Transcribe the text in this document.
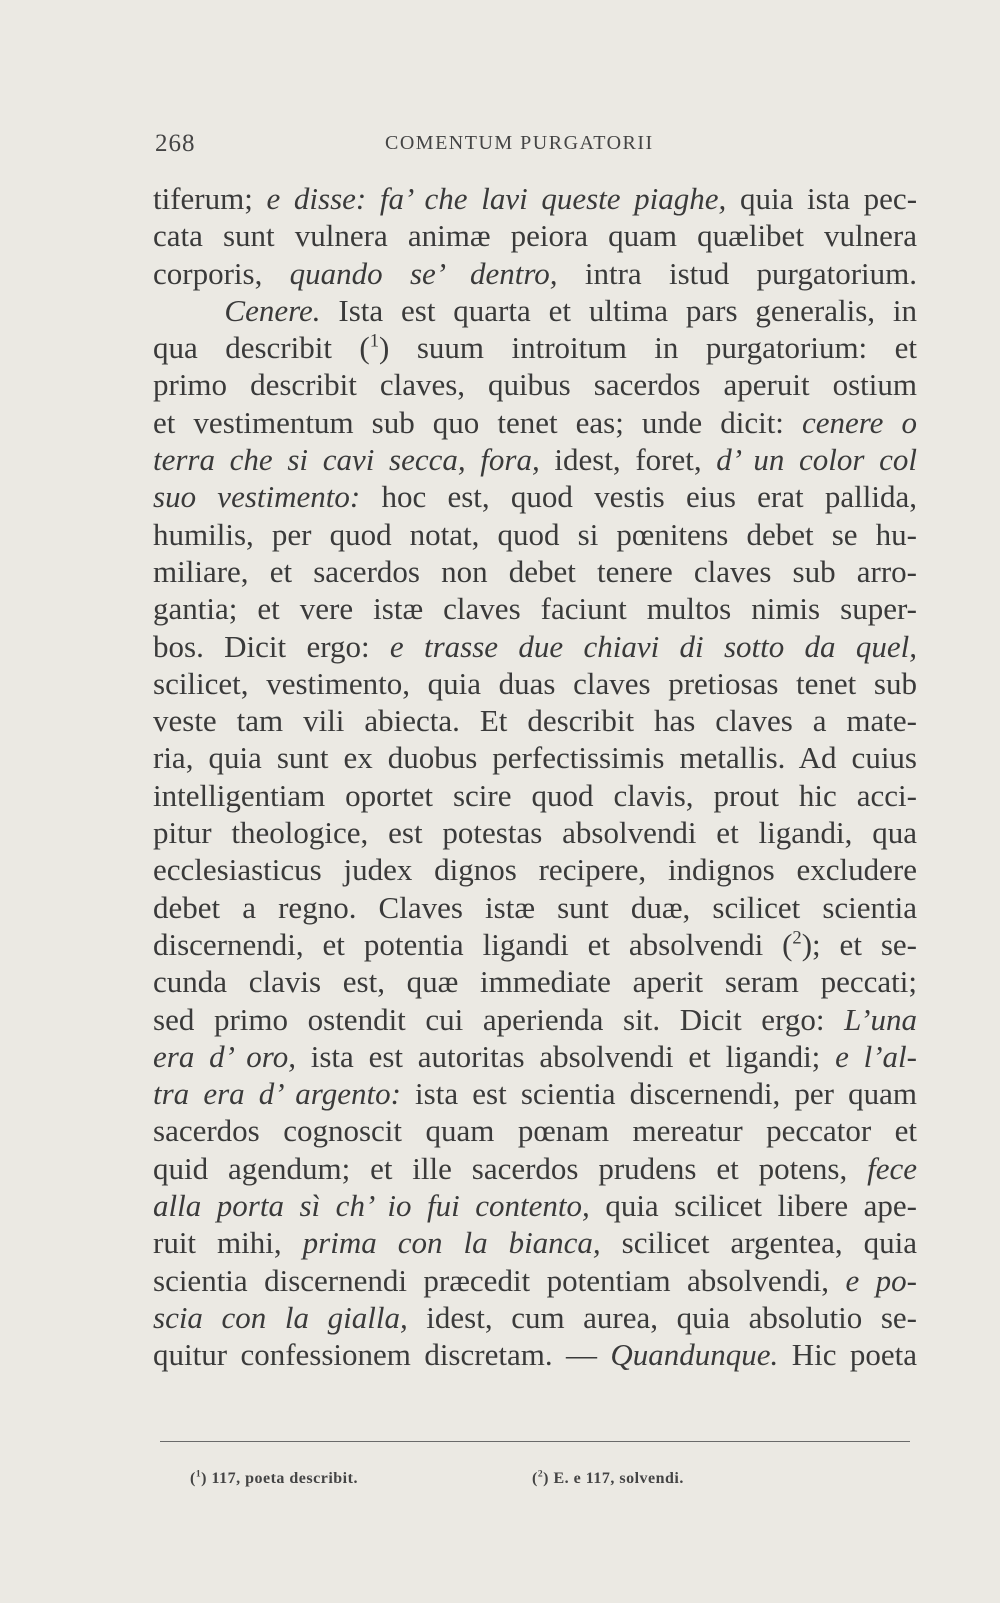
268	COMENTUM PURGATORII
tiferum; e disse: fa’ che lavi queste piaghe, quia ista pec-
cata sunt vulnera animæ peiora quam quælibet vulnera
corporis, quando se’ dentro, intra istud purgatorium.
Cenere. Ista est quarta et ultima pars generalis, in
qua describit ($^1$) suum introitum in purgatorium: et
primo describit claves, quibus sacerdos aperuit ostium
et vestimentum sub quo tenet eas; unde dicit: cenere o
terra che si cavi secca, fora, idest, foret, d’ un color col
suo vestimento: hoc est, quod vestis eius erat pallida,
humilis, per quod notat, quod si pœnitens debet se hu-
miliare, et sacerdos non debet tenere claves sub arro-
gantia; et vere istæ claves faciunt multos nimis super-
bos. Dicit ergo: e trasse due chiavi di sotto da quel,
scilicet, vestimento, quia duas claves pretiosas tenet sub
veste tam vili abiecta. Et describit has claves a mate-
ria, quia sunt ex duobus perfectissimis metallis. Ad cuius
intelligentiam oportet scire quod clavis, prout hic acci-
pitur theologice, est potestas absolvendi et ligandi, qua
ecclesiasticus judex dignos recipere, indignos excludere
debet a regno. Claves istæ sunt duæ, scilicet scientia
discernendi, et potentia ligandi et absolvendi ($^2$); et se-
cunda clavis est, quæ immediate aperit seram peccati;
sed primo ostendit cui aperienda sit. Dicit ergo: L’una
era d’ oro, ista est autoritas absolvendi et ligandi; e l’al-
tra era d’ argento: ista est scientia discernendi, per quam
sacerdos cognoscit quam pœnam mereatur peccator et
quid agendum; et ille sacerdos prudens et potens, fece
alla porta sì ch’ io fui contento, quia scilicet libere ape-
ruit mihi, prima con la bianca, scilicet argentea, quia
scientia discernendi præcedit potentiam absolvendi, e po-
scia con la gialla, idest, cum aurea, quia absolutio se-
quitur confessionem discretam. — Quandunque. Hic poeta
($^1$) 117, poeta describit.	($^2$) E. e 117, solvendi.
